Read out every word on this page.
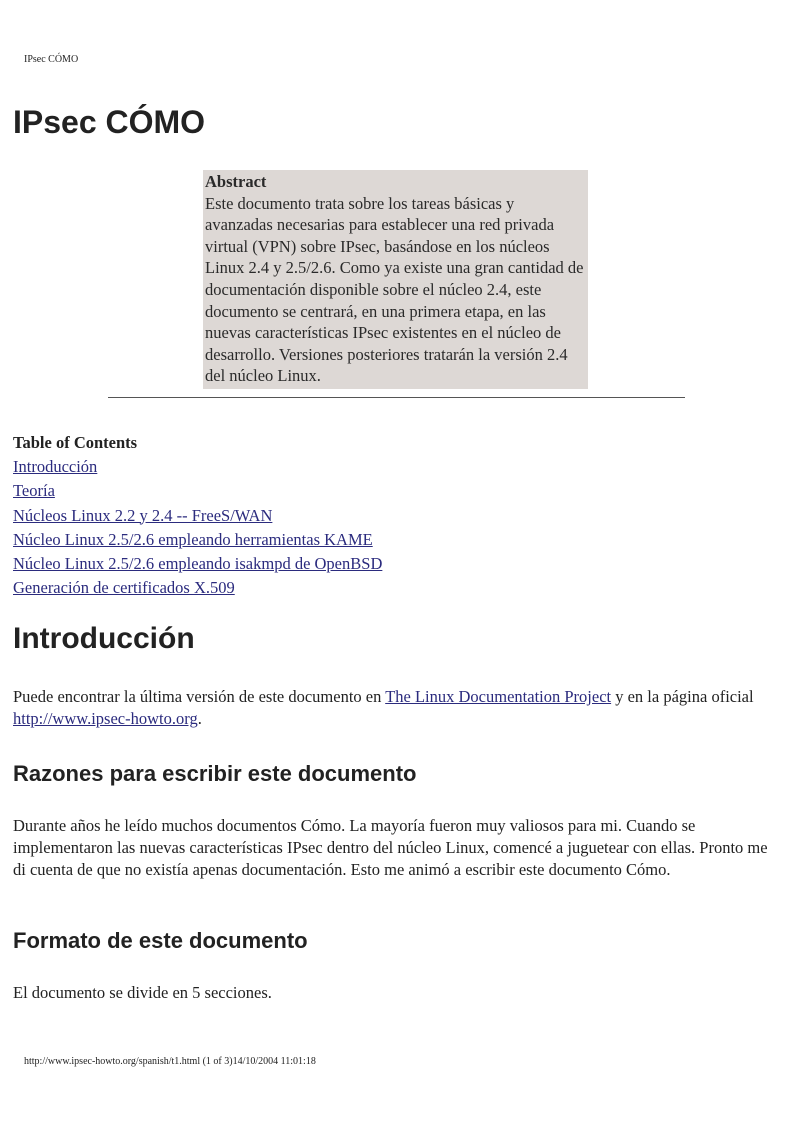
IPsec CÓMO
IPsec CÓMO
Abstract
Este documento trata sobre los tareas básicas y avanzadas necesarias para establecer una red privada virtual (VPN) sobre IPsec, basándose en los núcleos Linux 2.4 y 2.5/2.6. Como ya existe una gran cantidad de documentación disponible sobre el núcleo 2.4, este documento se centrará, en una primera etapa, en las nuevas características IPsec existentes en el núcleo de desarrollo. Versiones posteriores tratarán la versión 2.4 del núcleo Linux.
Table of Contents
Introducción
Teoría
Núcleos Linux 2.2 y 2.4 -- FreeS/WAN
Núcleo Linux 2.5/2.6 empleando herramientas KAME
Núcleo Linux 2.5/2.6 empleando isakmpd de OpenBSD
Generación de certificados X.509
Introducción

Puede encontrar la última versión de este documento en The Linux Documentation Project y en la página oficial http://www.ipsec-howto.org.

Razones para escribir este documento

Durante años he leído muchos documentos Cómo. La mayoría fueron muy valiosos para mi. Cuando se implementaron las nuevas características IPsec dentro del núcleo Linux, comencé a juguetear con ellas. Pronto me di cuenta de que no existía apenas documentación. Esto me animó a escribir este documento Cómo.

Formato de este documento

El documento se divide en 5 secciones.

http://www.ipsec-howto.org/spanish/t1.html (1 of 3)14/10/2004 11:01:18
